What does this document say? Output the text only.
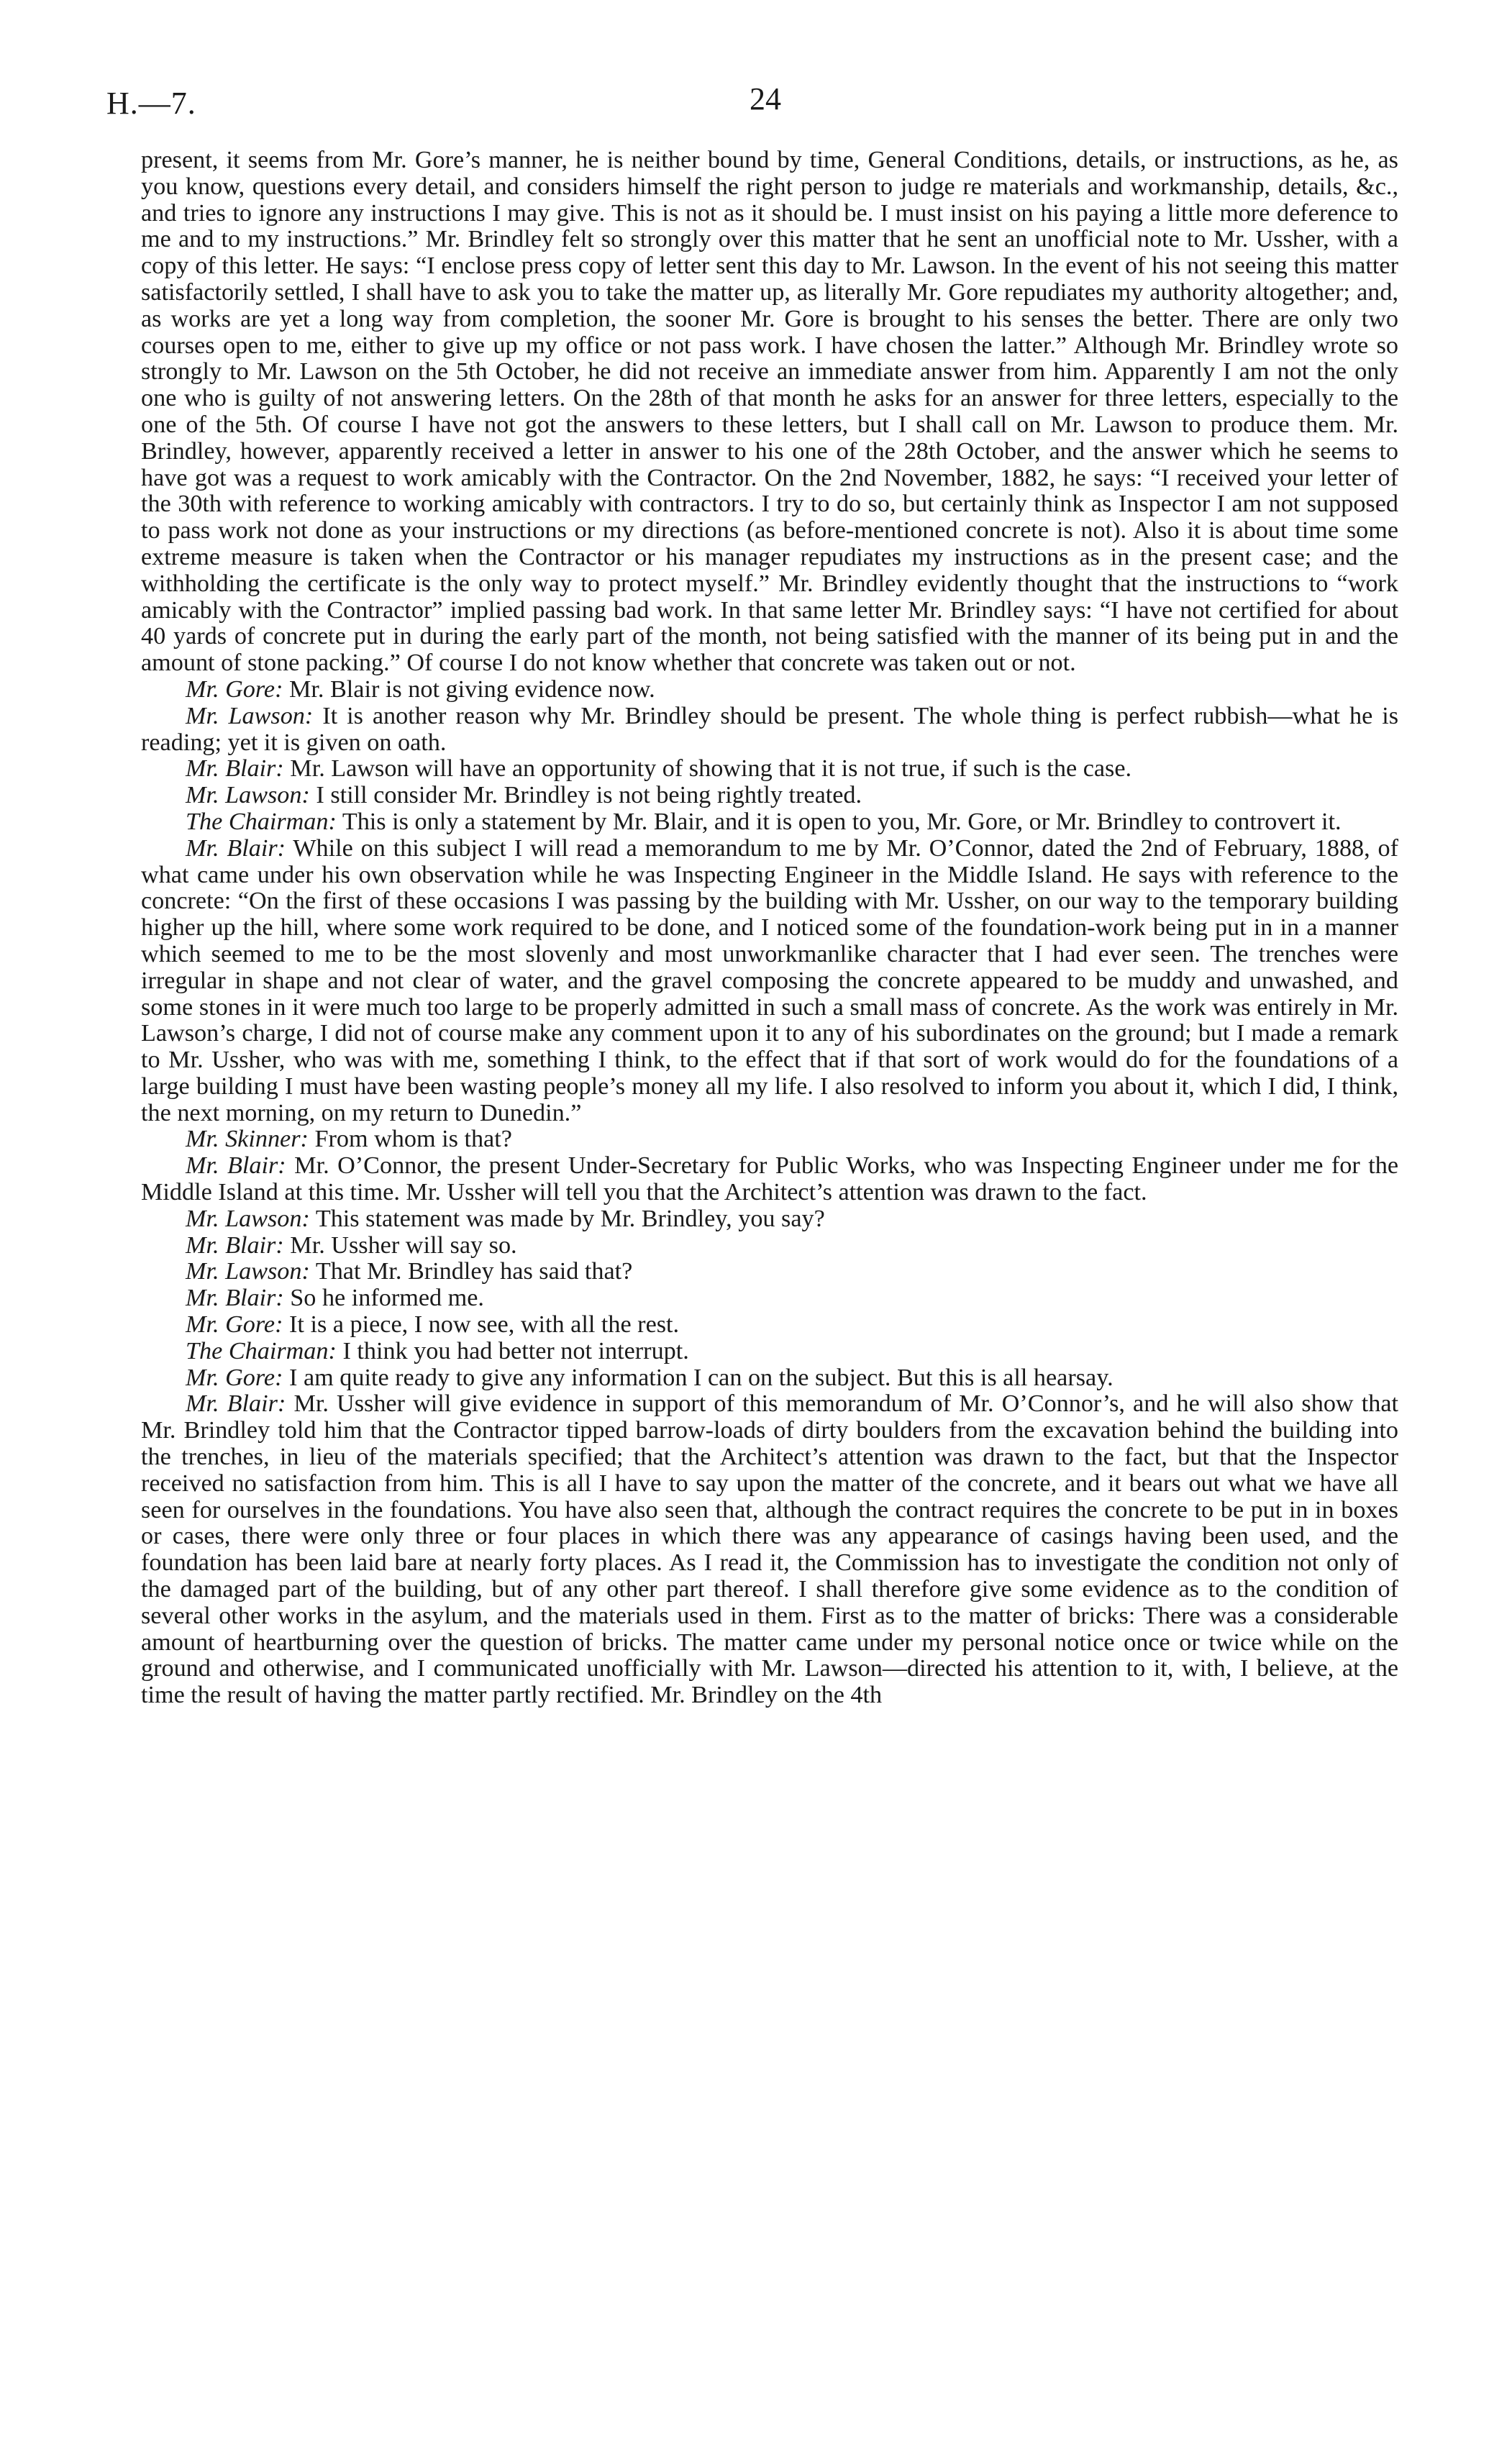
H.—7.	24

present, it seems from Mr. Gore’s manner, he is neither bound by time, General Conditions, details, or instructions, as he, as you know, questions every detail, and considers himself the right person to judge re materials and workmanship, details, &c., and tries to ignore any instructions I may give. This is not as it should be. I must insist on his paying a little more deference to me and to my instructions.” Mr. Brindley felt so strongly over this matter that he sent an unofficial note to Mr. Ussher, with a copy of this letter. He says: “I enclose press copy of letter sent this day to Mr. Lawson. In the event of his not seeing this matter satisfactorily settled, I shall have to ask you to take the matter up, as literally Mr. Gore repudiates my authority altogether; and, as works are yet a long way from completion, the sooner Mr. Gore is brought to his senses the better. There are only two courses open to me, either to give up my office or not pass work. I have chosen the latter.” Although Mr. Brindley wrote so strongly to Mr. Lawson on the 5th October, he did not receive an immediate answer from him. Apparently I am not the only one who is guilty of not answering letters. On the 28th of that month he asks for an answer for three letters, especially to the one of the 5th. Of course I have not got the answers to these letters, but I shall call on Mr. Lawson to produce them. Mr. Brindley, however, apparently received a letter in answer to his one of the 28th October, and the answer which he seems to have got was a request to work amicably with the Contractor. On the 2nd November, 1882, he says: “I received your letter of the 30th with reference to working amicably with contractors. I try to do so, but certainly think as Inspector I am not supposed to pass work not done as your instructions or my directions (as before-mentioned concrete is not). Also it is about time some extreme measure is taken when the Contractor or his manager repudiates my instructions as in the present case; and the withholding the certificate is the only way to protect myself.” Mr. Brindley evidently thought that the instructions to “work amicably with the Contractor” implied passing bad work. In that same letter Mr. Brindley says: “I have not certified for about 40 yards of concrete put in during the early part of the month, not being satisfied with the manner of its being put in and the amount of stone packing.” Of course I do not know whether that concrete was taken out or not.

Mr. Gore: Mr. Blair is not giving evidence now.

Mr. Lawson: It is another reason why Mr. Brindley should be present. The whole thing is perfect rubbish—what he is reading; yet it is given on oath.

Mr. Blair: Mr. Lawson will have an opportunity of showing that it is not true, if such is the case.

Mr. Lawson: I still consider Mr. Brindley is not being rightly treated.

The Chairman: This is only a statement by Mr. Blair, and it is open to you, Mr. Gore, or Mr. Brindley to controvert it.

Mr. Blair: While on this subject I will read a memorandum to me by Mr. O’Connor, dated the 2nd of February, 1888, of what came under his own observation while he was Inspecting Engineer in the Middle Island. He says with reference to the concrete: “On the first of these occasions I was passing by the building with Mr. Ussher, on our way to the temporary building higher up the hill, where some work required to be done, and I noticed some of the foundation-work being put in in a manner which seemed to me to be the most slovenly and most unworkmanlike character that I had ever seen. The trenches were irregular in shape and not clear of water, and the gravel composing the concrete appeared to be muddy and unwashed, and some stones in it were much too large to be properly admitted in such a small mass of concrete. As the work was entirely in Mr. Lawson’s charge, I did not of course make any comment upon it to any of his subordinates on the ground; but I made a remark to Mr. Ussher, who was with me, something I think, to the effect that if that sort of work would do for the foundations of a large building I must have been wasting people’s money all my life. I also resolved to inform you about it, which I did, I think, the next morning, on my return to Dunedin.”

Mr. Skinner: From whom is that?

Mr. Blair: Mr. O’Connor, the present Under-Secretary for Public Works, who was Inspecting Engineer under me for the Middle Island at this time. Mr. Ussher will tell you that the Architect’s attention was drawn to the fact.

Mr. Lawson: This statement was made by Mr. Brindley, you say?

Mr. Blair: Mr. Ussher will say so.

Mr. Lawson: That Mr. Brindley has said that?

Mr. Blair: So he informed me.

Mr. Gore: It is a piece, I now see, with all the rest.

The Chairman: I think you had better not interrupt.

Mr. Gore: I am quite ready to give any information I can on the subject. But this is all hearsay.

Mr. Blair: Mr. Ussher will give evidence in support of this memorandum of Mr. O’Connor’s, and he will also show that Mr. Brindley told him that the Contractor tipped barrow-loads of dirty boulders from the excavation behind the building into the trenches, in lieu of the materials specified; that the Architect’s attention was drawn to the fact, but that the Inspector received no satisfaction from him. This is all I have to say upon the matter of the concrete, and it bears out what we have all seen for ourselves in the foundations. You have also seen that, although the contract requires the concrete to be put in in boxes or cases, there were only three or four places in which there was any appearance of casings having been used, and the foundation has been laid bare at nearly forty places. As I read it, the Commission has to investigate the condition not only of the damaged part of the building, but of any other part thereof. I shall therefore give some evidence as to the condition of several other works in the asylum, and the materials used in them. First as to the matter of bricks: There was a considerable amount of heartburning over the question of bricks. The matter came under my personal notice once or twice while on the ground and otherwise, and I communicated unofficially with Mr. Lawson—directed his attention to it, with, I believe, at the time the result of having the matter partly rectified. Mr. Brindley on the 4th
